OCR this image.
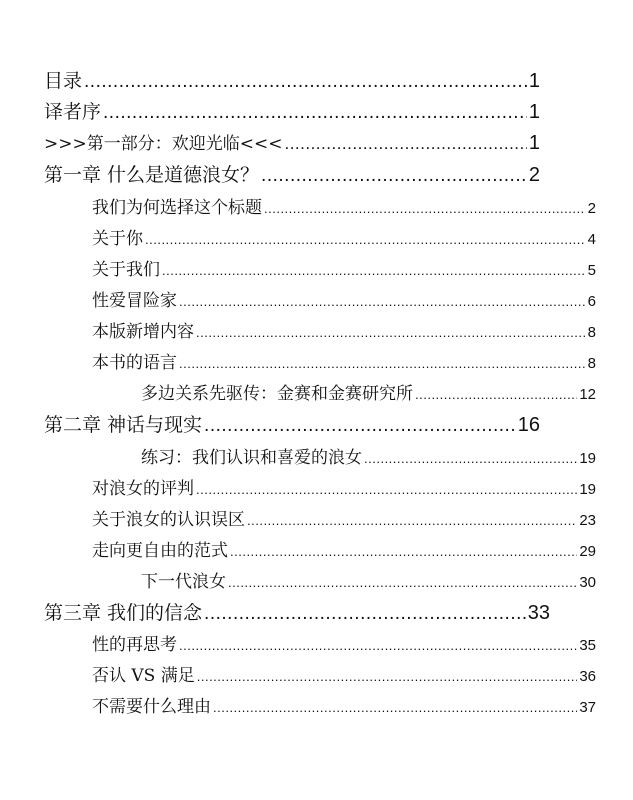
目录 .....	1
译者序 .....	1
>>>第一部分：欢迎光临<<< .....	1
第一章 什么是道德浪女？ .....	2
我们为何选择这个标题 .....	2
关于你 .....	4
关于我们 .....	5
性爱冒险家 .....	6
本版新增内容 .....	8
本书的语言 .....	8
多边关系先驱传：金赛和金赛研究所 .....	12
第二章 神话与现实 .....	16
练习：我们认识和喜爱的浪女 .....	19
对浪女的评判 .....	19
关于浪女的认识误区 .....	23
走向更自由的范式 .....	29
下一代浪女 .....	30
第三章 我们的信念 .....	33
性的再思考 .....	35
否认 VS 满足 .....	36
不需要什么理由 .....	37
